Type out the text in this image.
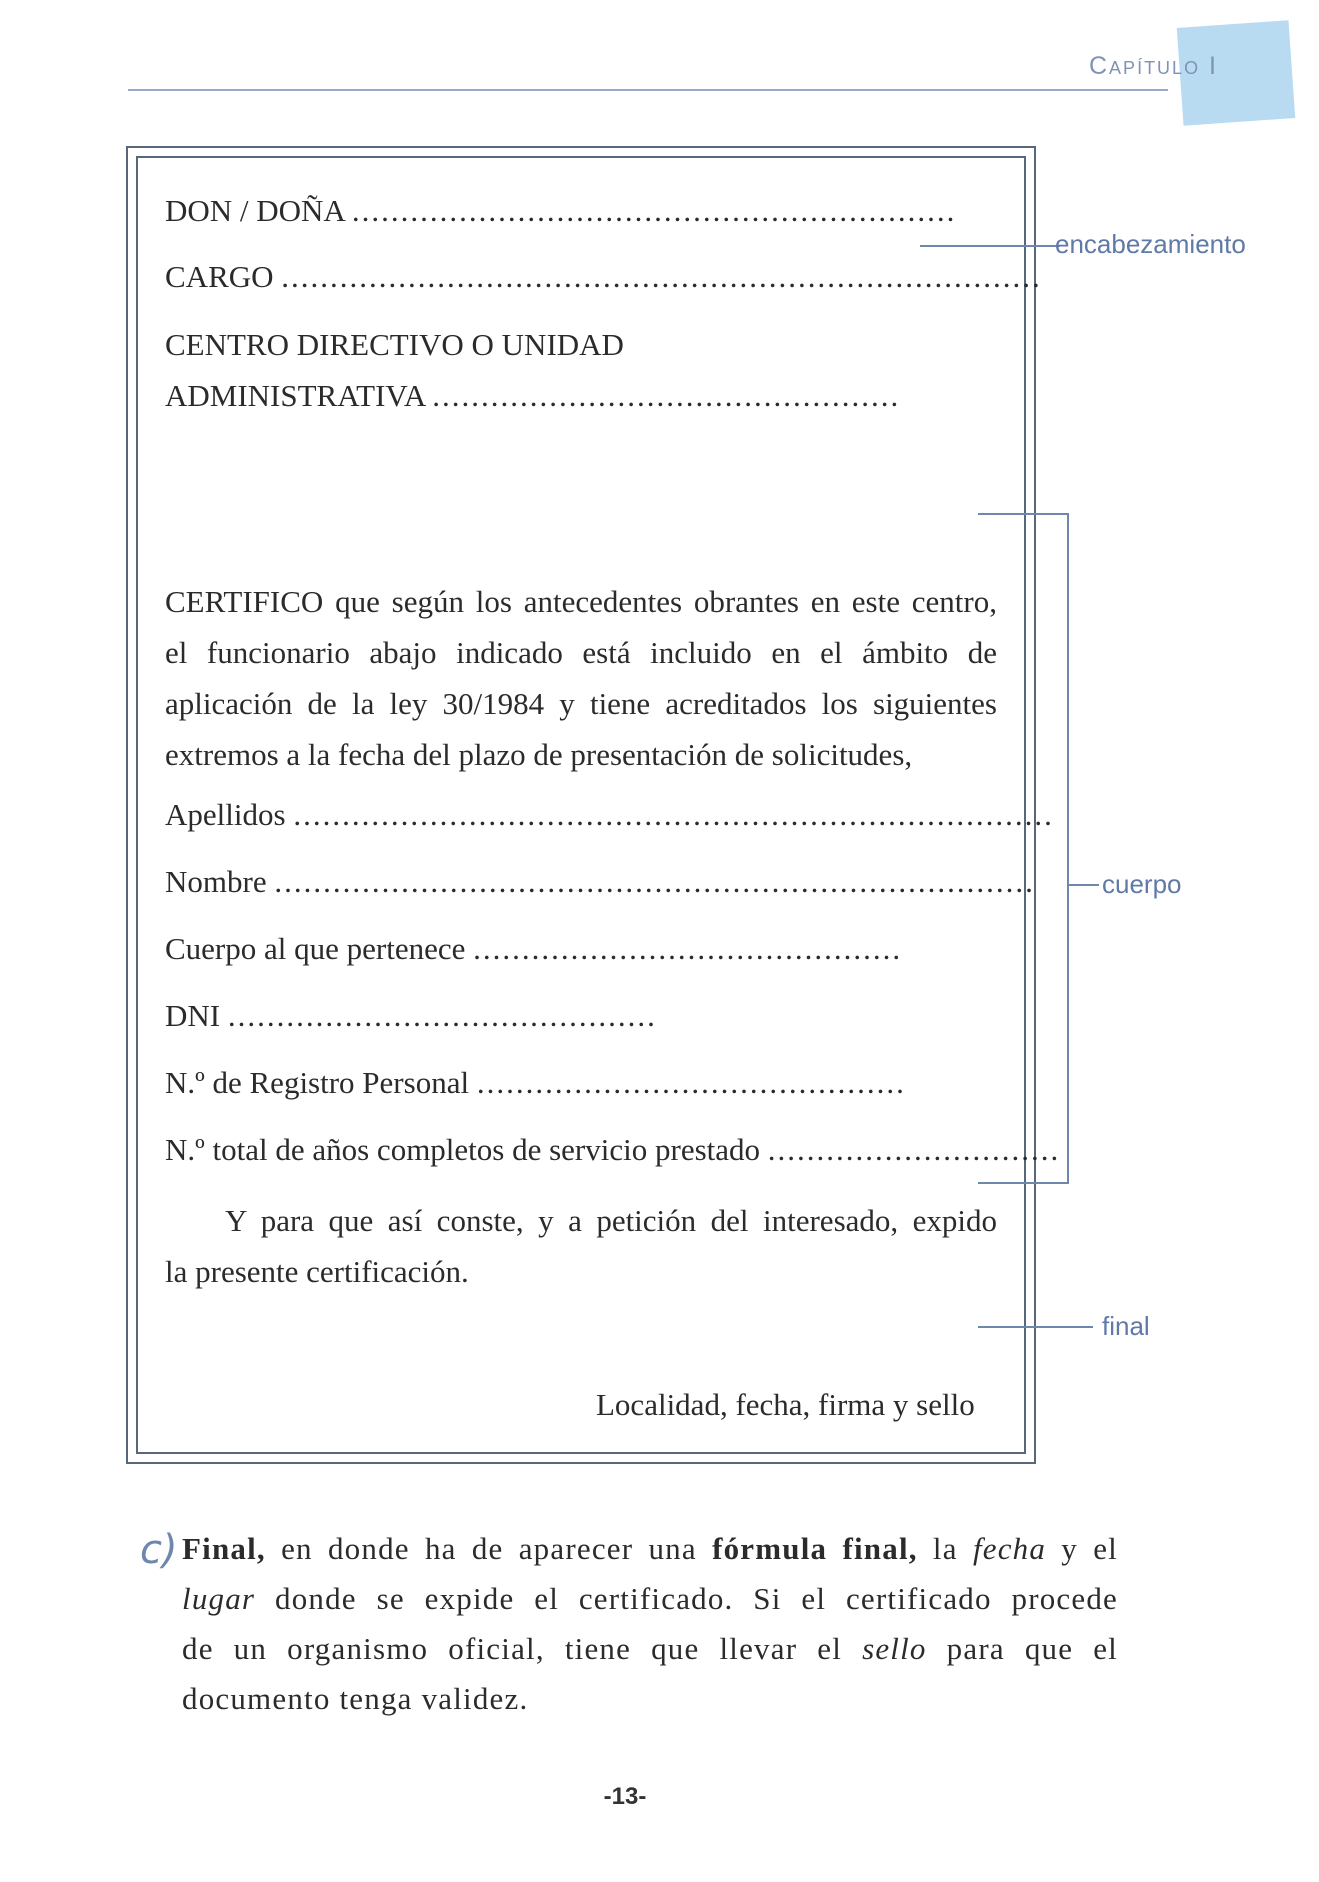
Capítulo I
DON / DOÑA ..............................................................
CARGO ..............................................................................
CENTRO DIRECTIVO O UNIDAD
ADMINISTRATIVA ................................................
CERTIFICO que según los antecedentes obrantes en este centro,
el funcionario abajo indicado está incluido en el ámbito de
aplicación de la ley 30/1984 y tiene acreditados los siguientes
extremos a la fecha del plazo de presentación de solicitudes,
Apellidos ..............................................................................
Nombre ..............................................................................
Cuerpo al que pertenece ............................................
DNI ............................................
N.º de Registro Personal ............................................
N.º total de años completos de servicio prestado ..............................
Y para que así conste, y a petición del interesado, expido
la presente certificación.
Localidad, fecha, firma y sello
encabezamiento
cuerpo
final
c) Final, en donde ha de aparecer una fórmula final, la fecha y el
lugar donde se expide el certificado. Si el certificado procede
de un organismo oficial, tiene que llevar el sello para que el
documento tenga validez.
-13-
